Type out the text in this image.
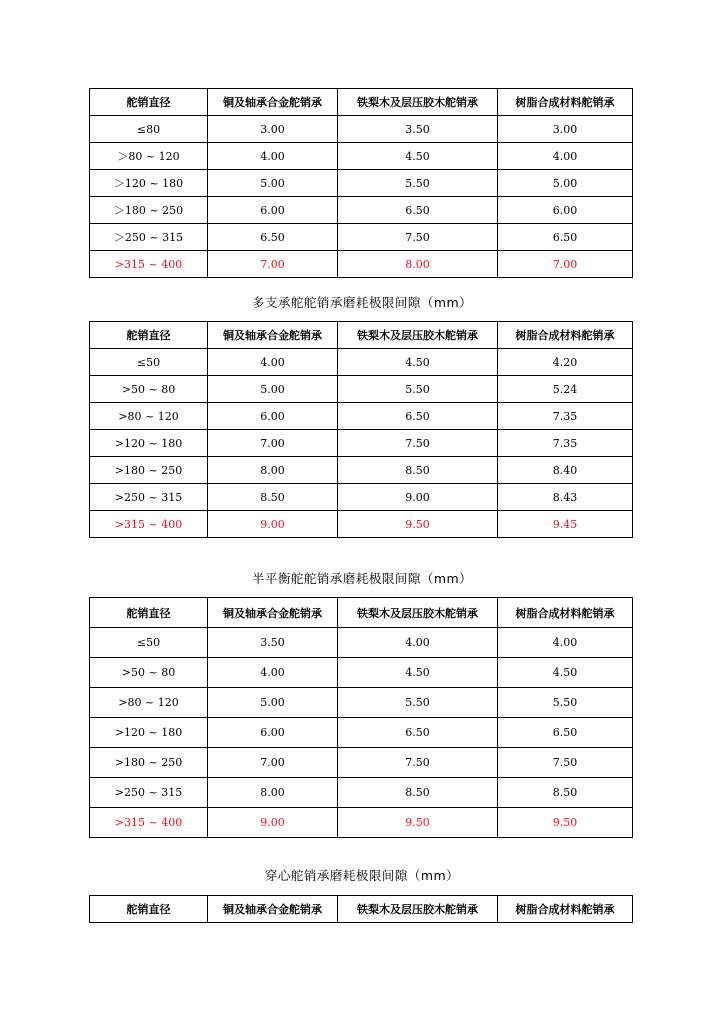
舵销直径	铜及轴承合金舵销承	铁梨木及层压胶木舵销承	树脂合成材料舵销承
≤80	3.00	3.50	3.00
＞80 ~ 120	4.00	4.50	4.00
＞120 ~ 180	5.00	5.50	5.00
＞180 ~ 250	6.00	6.50	6.00
＞250 ~ 315	6.50	7.50	6.50
>315 ~ 400	7.00	8.00	7.00
多支承舵舵销承磨耗极限间隙（mm）
舵销直径	铜及轴承合金舵销承	铁梨木及层压胶木舵销承	树脂合成材料舵销承
≤50	4.00	4.50	4.20
>50 ~ 80	5.00	5.50	5.24
>80 ~ 120	6.00	6.50	7.35
>120 ~ 180	7.00	7.50	7.35
>180 ~ 250	8.00	8.50	8.40
>250 ~ 315	8.50	9.00	8.43
>315 ~ 400	9.00	9.50	9.45
半平衡舵舵销承磨耗极限间隙（mm）
舵销直径	铜及轴承合金舵销承	铁梨木及层压胶木舵销承	树脂合成材料舵销承
≤50	3.50	4.00	4.00
>50 ~ 80	4.00	4.50	4.50
>80 ~ 120	5.00	5.50	5.50
>120 ~ 180	6.00	6.50	6.50
>180 ~ 250	7.00	7.50	7.50
>250 ~ 315	8.00	8.50	8.50
>315 ~ 400	9.00	9.50	9.50
穿心舵销承磨耗极限间隙（mm）
舵销直径	铜及轴承合金舵销承	铁梨木及层压胶木舵销承	树脂合成材料舵销承
